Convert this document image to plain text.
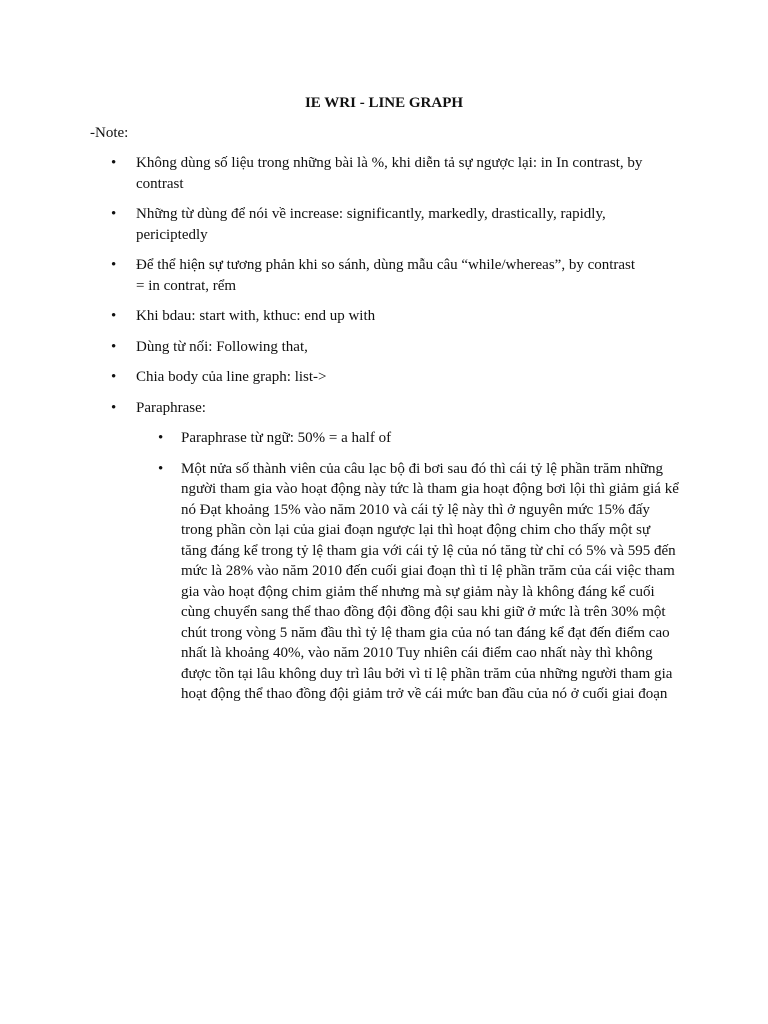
IE WRI - LINE GRAPH
-Note:
• Không dùng số liệu trong những bài là %, khi diễn tả sự ngược lại: in In contrast, by contrast
• Những từ dùng để nói về increase: significantly, markedly, drastically, rapidly, periciptedly
• Để thể hiện sự tương phản khi so sánh, dùng mẫu câu “while/whereas”, by contrast = in contrat, rểm
• Khi bdau: start with, kthuc: end up with
• Dùng từ nối: Following that,
• Chia body của line graph: list->
• Paraphrase:
• Paraphrase từ ngữ: 50% = a half of
• Một nửa số thành viên của câu lạc bộ đi bơi sau đó thì cái tỷ lệ phần trăm những người tham gia vào hoạt động này tức là tham gia hoạt động bơi lội thì giảm giá kể nó Đạt khoảng 15% vào năm 2010 và cái tỷ lệ này thì ở nguyên mức 15% đấy trong phần còn lại của giai đoạn ngược lại thì hoạt động chim cho thấy một sự tăng đáng kể trong tỷ lệ tham gia với cái tỷ lệ của nó tăng từ chỉ có 5% và 595 đến mức là 28% vào năm 2010 đến cuối giai đoạn thì tỉ lệ phần trăm của cái việc tham gia vào hoạt động chim giảm thế nhưng mà sự giảm này là không đáng kể cuối cùng chuyển sang thể thao đồng đội đồng đội sau khi giữ ở mức là trên 30% một chút trong vòng 5 năm đầu thì tỷ lệ tham gia của nó tan đáng kể đạt đến điểm cao nhất là khoảng 40%, vào năm 2010 Tuy nhiên cái điểm cao nhất này thì không được tồn tại lâu không duy trì lâu bởi vì tỉ lệ phần trăm của những người tham gia hoạt động thể thao đồng đội giảm trở về cái mức ban đầu của nó ở cuối giai đoạn
